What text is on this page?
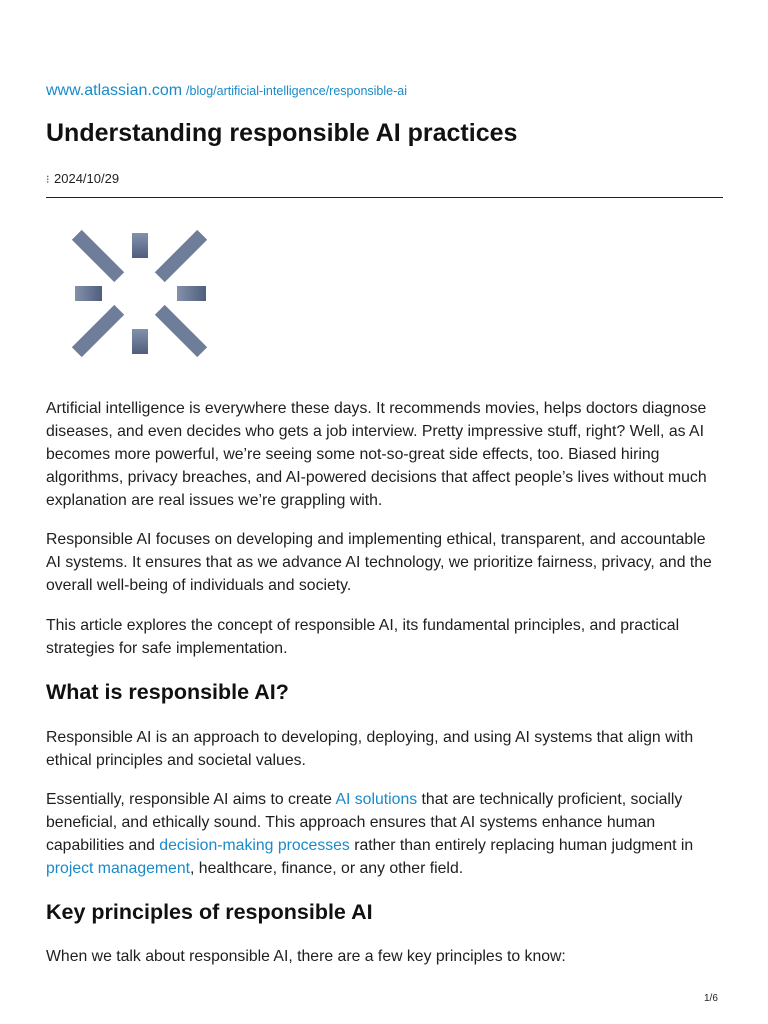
www.atlassian.com /blog/artificial-intelligence/responsible-ai
Understanding responsible AI practices
⁝ 2024/10/29

Artificial intelligence is everywhere these days. It recommends movies, helps doctors diagnose diseases, and even decides who gets a job interview. Pretty impressive stuff, right? Well, as AI becomes more powerful, we’re seeing some not-so-great side effects, too. Biased hiring algorithms, privacy breaches, and AI-powered decisions that affect people’s lives without much explanation are real issues we’re grappling with.

Responsible AI focuses on developing and implementing ethical, transparent, and accountable AI systems. It ensures that as we advance AI technology, we prioritize fairness, privacy, and the overall well-being of individuals and society.

This article explores the concept of responsible AI, its fundamental principles, and practical strategies for safe implementation.

What is responsible AI?

Responsible AI is an approach to developing, deploying, and using AI systems that align with ethical principles and societal values.

Essentially, responsible AI aims to create AI solutions that are technically proficient, socially beneficial, and ethically sound. This approach ensures that AI systems enhance human capabilities and decision-making processes rather than entirely replacing human judgment in project management, healthcare, finance, or any other field.

Key principles of responsible AI

When we talk about responsible AI, there are a few key principles to know:

1/6
